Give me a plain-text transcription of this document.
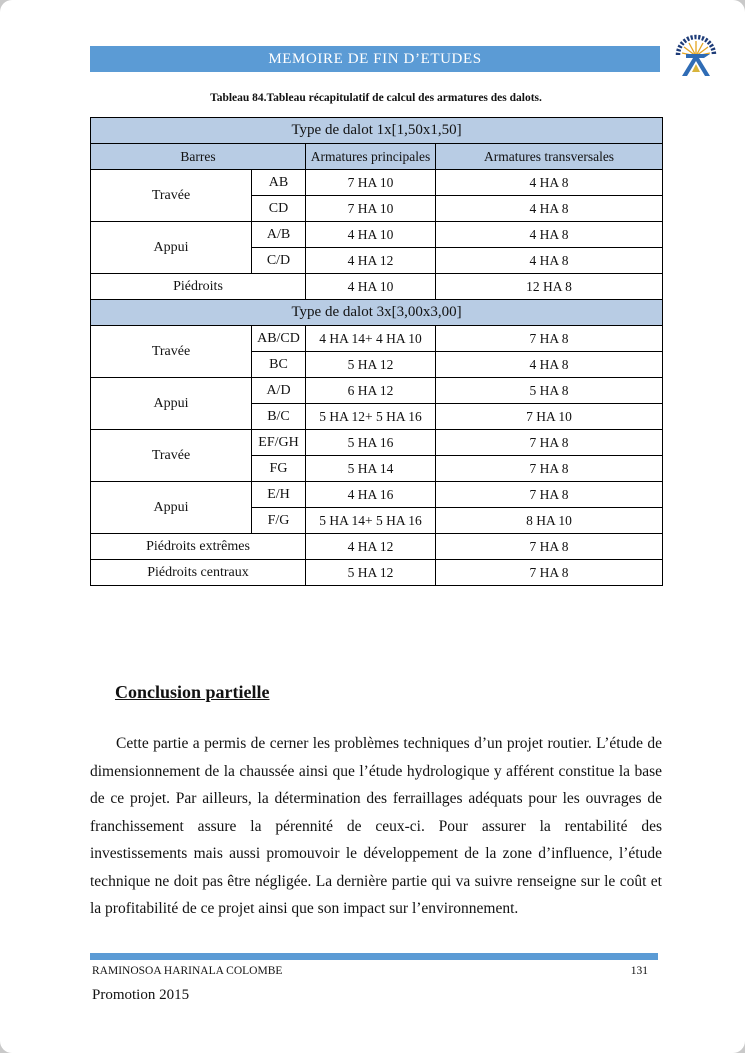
MEMOIRE DE FIN D’ETUDES
Tableau 84.Tableau récapitulatif de calcul des armatures des dalots.
Type de dalot 1x[1,50x1,50]			
Barres		Armatures principales	Armatures transversales
Travée	AB	7 HA 10	4 HA 8
	CD	7 HA 10	4 HA 8
Appui	A/B	4 HA 10	4 HA 8
	C/D	4 HA 12	4 HA 8
Piédroits		4 HA 10	12 HA 8
Type de dalot 3x[3,00x3,00]			
Travée	AB/CD	4 HA 14+ 4 HA 10	7 HA 8
	BC	5 HA 12	4 HA 8
Appui	A/D	6 HA 12	5 HA 8
	B/C	5 HA 12+ 5 HA 16	7 HA 10
Travée	EF/GH	5 HA 16	7 HA 8
	FG	5 HA 14	7 HA 8
Appui	E/H	4 HA 16	7 HA 8
	F/G	5 HA 14+ 5 HA 16	8 HA 10
Piédroits extrêmes		4 HA 12	7 HA 8
Piédroits centraux		5 HA 12	7 HA 8
Conclusion partielle
Cette partie a permis de cerner les problèmes techniques d’un projet routier. L’étude de dimensionnement de la chaussée ainsi que l’étude hydrologique y afférent constitue la base de ce projet. Par ailleurs, la détermination des ferraillages adéquats pour les ouvrages de franchissement assure la pérennité de ceux-ci. Pour assurer la rentabilité des investissements mais aussi promouvoir le développement de la zone d’influence, l’étude technique ne doit pas être négligée. La dernière partie qui va suivre renseigne sur le coût et la profitabilité de ce projet ainsi que son impact sur l’environnement.
RAMINOSOA HARINALA COLOMBE	131
Promotion 2015
